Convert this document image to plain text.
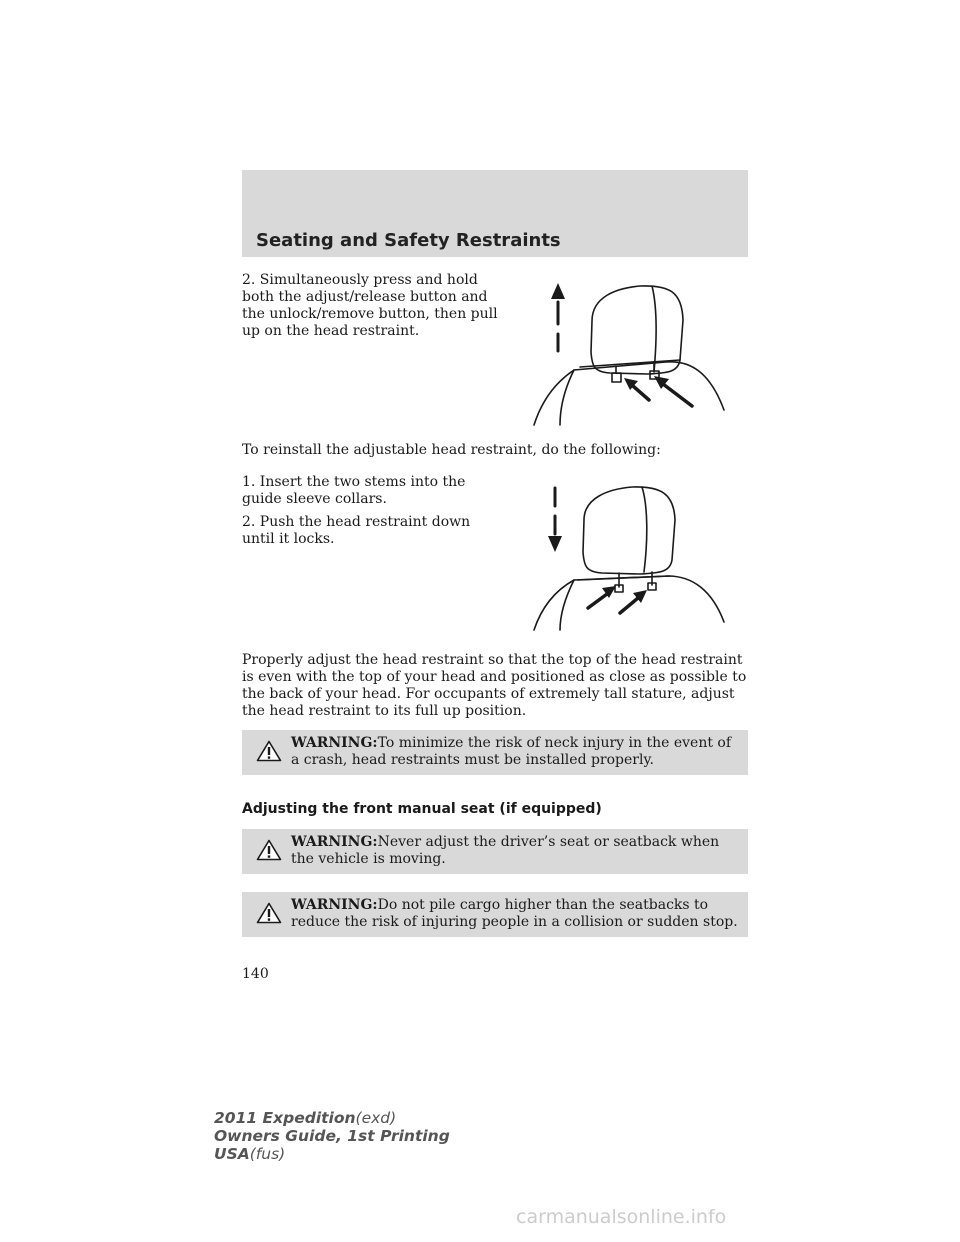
Seating and Safety Restraints

2. Simultaneously press and hold both the adjust/release button and the unlock/remove button, then pull up on the head restraint.

To reinstall the adjustable head restraint, do the following:

1. Insert the two stems into the guide sleeve collars.

2. Push the head restraint down until it locks.

Properly adjust the head restraint so that the top of the head restraint is even with the top of your head and positioned as close as possible to the back of your head. For occupants of extremely tall stature, adjust the head restraint to its full up position.

WARNING:To minimize the risk of neck injury in the event of a crash, head restraints must be installed properly.
Adjusting the front manual seat (if equipped)
WARNING:Never adjust the driver’s seat or seatback when the vehicle is moving.
WARNING:Do not pile cargo higher than the seatbacks to reduce the risk of injuring people in a collision or sudden stop.
140
2011 Expedition(exd)
Owners Guide, 1st Printing
USA(fus)
carmanualsonline.info
